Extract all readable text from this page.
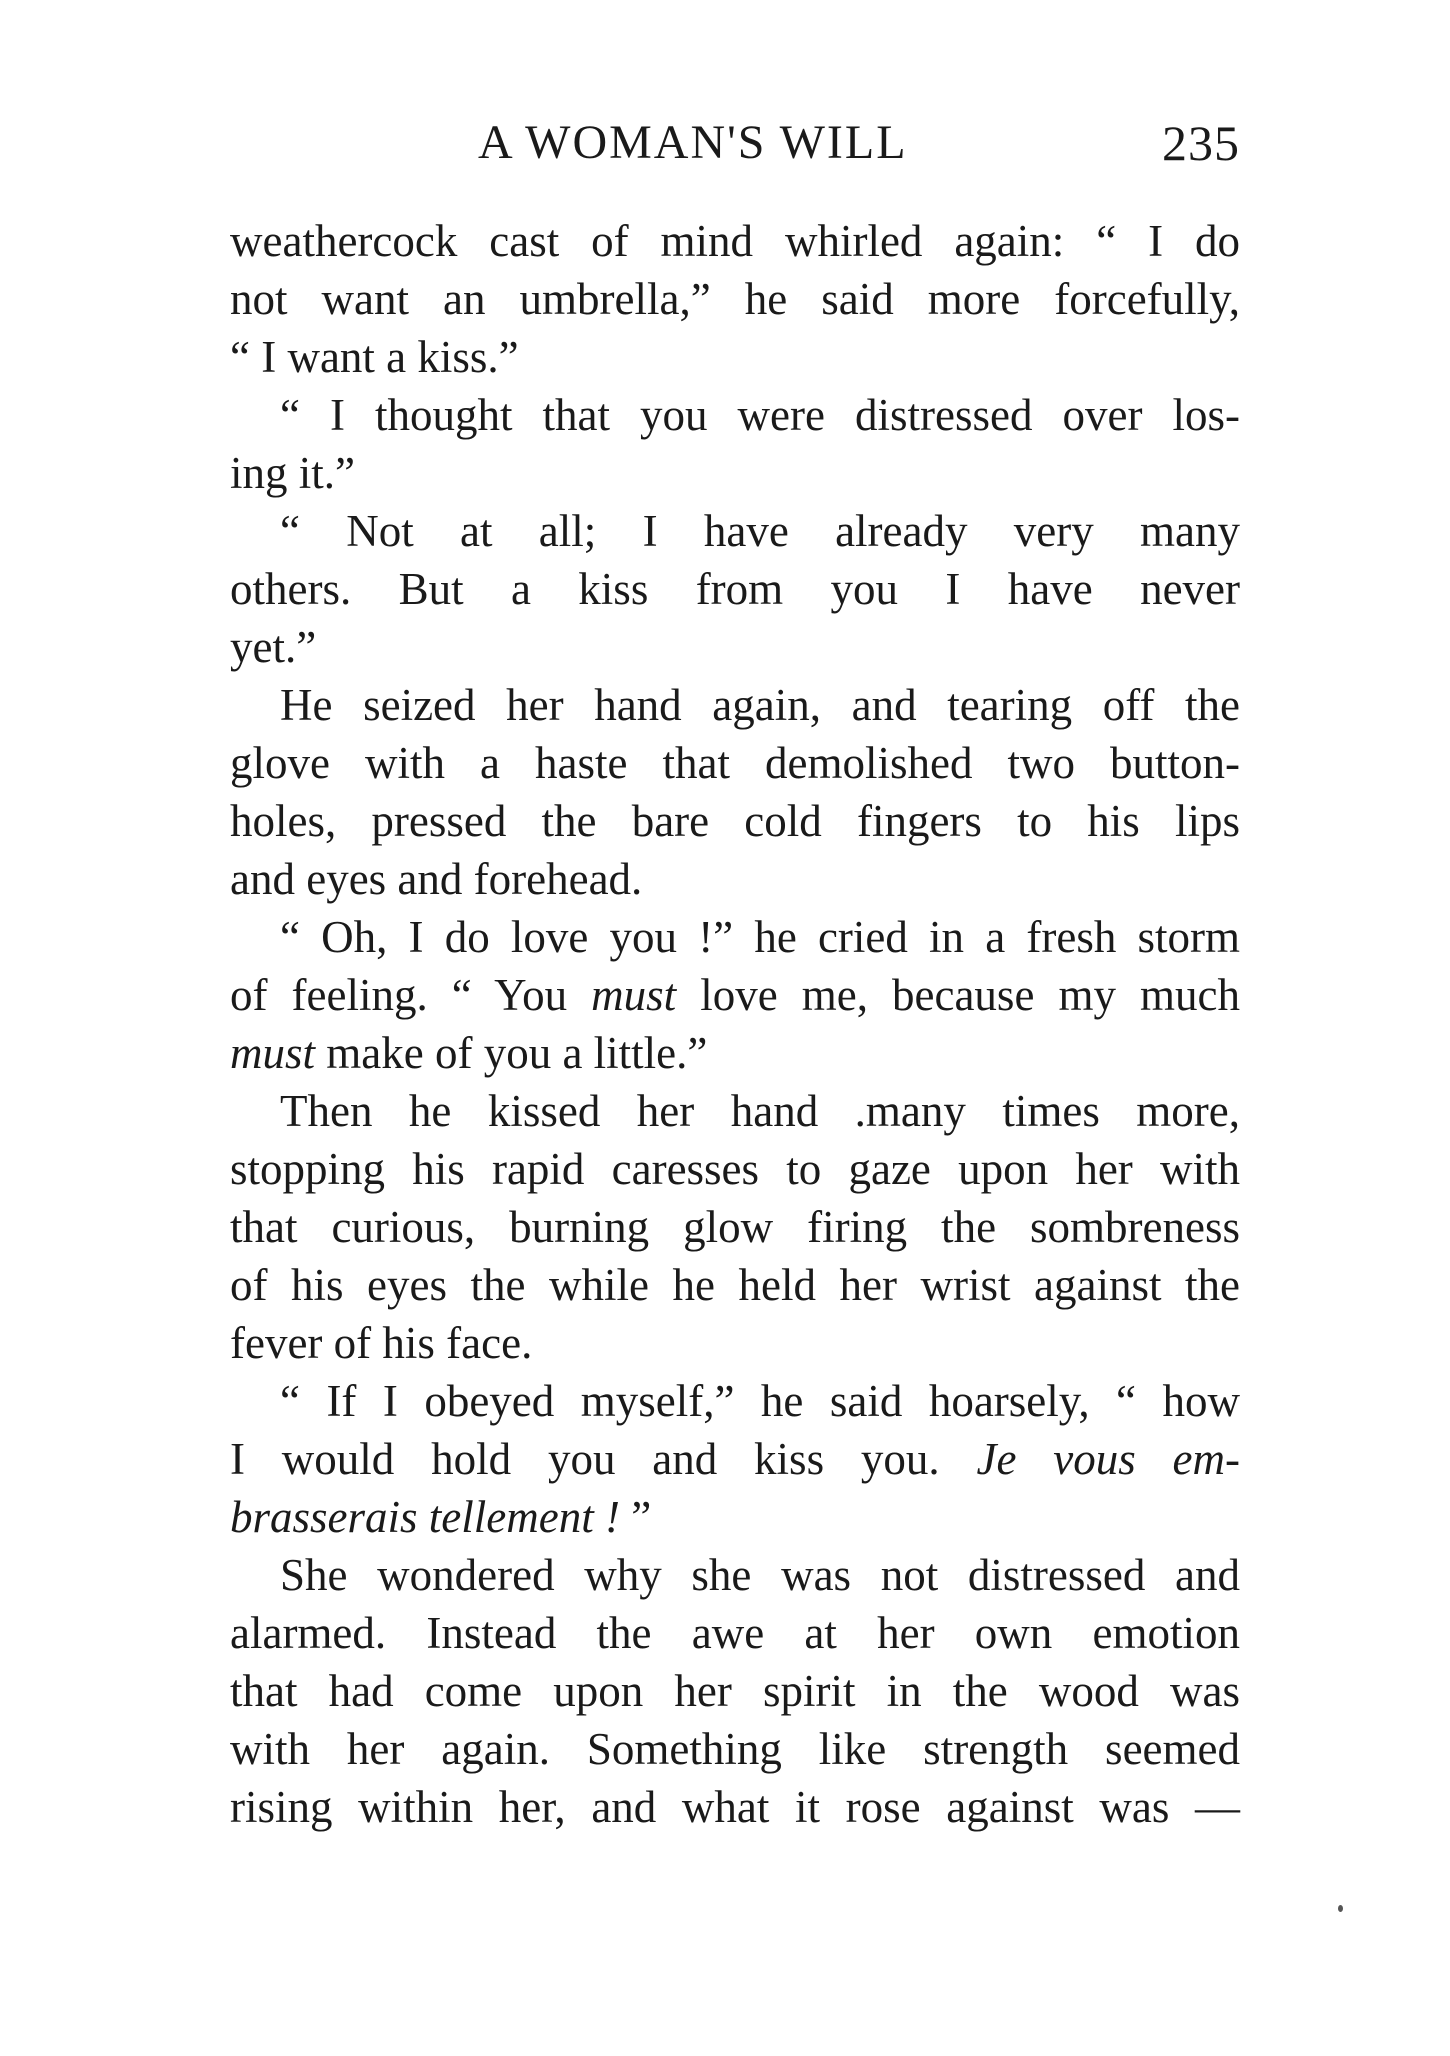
A WOMAN'S WILL	235
weathercock cast of mind whirled again: “ I do
not want an umbrella,” he said more forcefully,
“ I want a kiss.”
“ I thought that you were distressed over los-
ing it.”
“ Not at all; I have already very many
others. But a kiss from you I have never
yet.”
He seized her hand again, and tearing off the
glove with a haste that demolished two button-
holes, pressed the bare cold fingers to his lips
and eyes and forehead.
“ Oh, I do love you !” he cried in a fresh storm
of feeling. “ You must love me, because my much
must make of you a little.”
Then he kissed her hand .many times more,
stopping his rapid caresses to gaze upon her with
that curious, burning glow firing the sombreness
of his eyes the while he held her wrist against the
fever of his face.
“ If I obeyed myself,” he said hoarsely, “ how
I would hold you and kiss you. Je vous em-
brasserais tellement ! ”
She wondered why she was not distressed and
alarmed. Instead the awe at her own emotion
that had come upon her spirit in the wood was
with her again. Something like strength seemed
rising within her, and what it rose against was —
